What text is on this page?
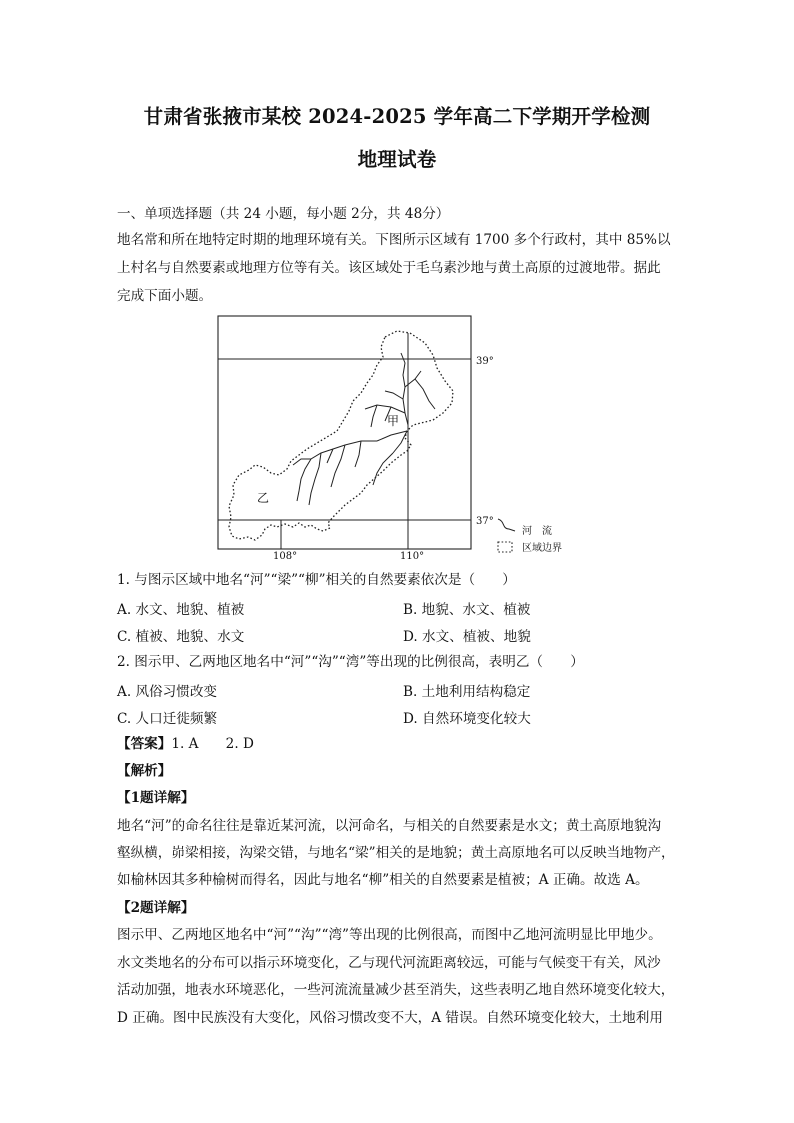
甘肃省张掖市某校 2024-2025 学年高二下学期开学检测
地理试卷
一、单项选择题（共 24 小题，每小题 2分，共 48分）
地名常和所在地特定时期的地理环境有关。下图所示区域有 1700 多个行政村，其中 85%以
上村名与自然要素或地理方位等有关。该区域处于毛乌素沙地与黄土高原的过渡地带。据此
完成下面小题。
甲
乙
39°
37°
108°	110°
河　流
区域边界
1. 与图示区域中地名“河”“梁”“柳”相关的自然要素依次是（　　）
A. 水文、地貌、植被	B. 地貌、水文、植被
C. 植被、地貌、水文	D. 水文、植被、地貌
2. 图示甲、乙两地区地名中“河”“沟”“湾”等出现的比例很高，表明乙（　　）
A. 风俗习惯改变	B. 土地利用结构稳定
C. 人口迁徙频繁	D. 自然环境变化较大
【答案】1. A　　2. D
【解析】
【1题详解】
地名“河”的命名往往是靠近某河流，以河命名，与相关的自然要素是水文；黄土高原地貌沟
壑纵横，峁梁相接，沟梁交错，与地名“梁”相关的是地貌；黄土高原地名可以反映当地物产，
如榆林因其多种榆树而得名，因此与地名“柳”相关的自然要素是植被；A 正确。故选 A。
【2题详解】
图示甲、乙两地区地名中“河”“沟”“湾”等出现的比例很高，而图中乙地河流明显比甲地少。
水文类地名的分布可以指示环境变化，乙与现代河流距离较远，可能与气候变干有关，风沙
活动加强，地表水环境恶化，一些河流流量减少甚至消失，这些表明乙地自然环境变化较大，
D 正确。图中民族没有大变化，风俗习惯改变不大，A 错误。自然环境变化较大，土地利用
